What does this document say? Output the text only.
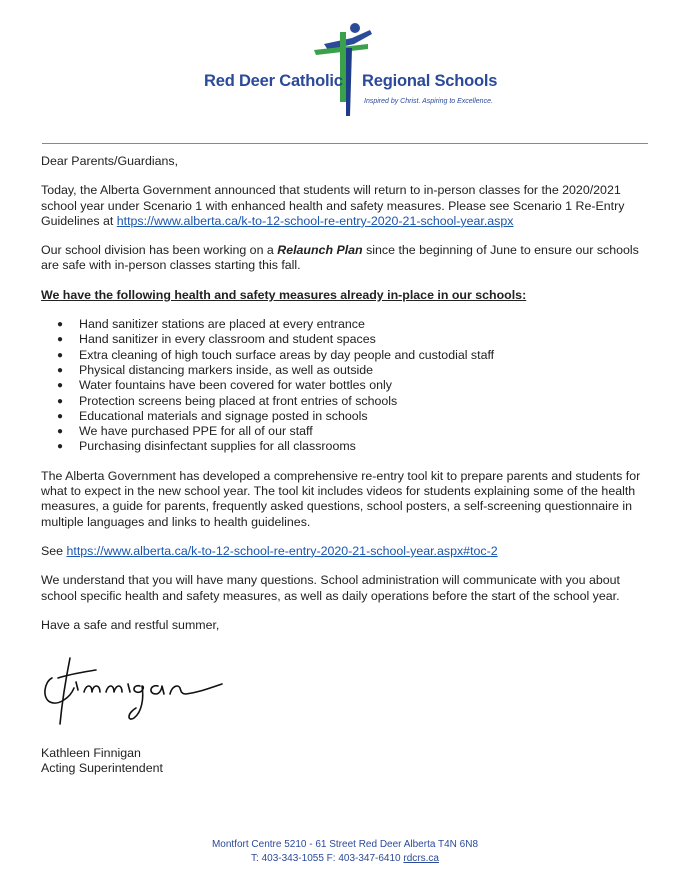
Red Deer Catholic Regional Schools
Inspired by Christ. Aspiring to Excellence.

Dear Parents/Guardians,

Today, the Alberta Government announced that students will return to in-person classes for the 2020/2021 school year under Scenario 1 with enhanced health and safety measures. Please see Scenario 1 Re-Entry Guidelines at https://www.alberta.ca/k-to-12-school-re-entry-2020-21-school-year.aspx

Our school division has been working on a Relaunch Plan since the beginning of June to ensure our schools are safe with in-person classes starting this fall.

We have the following health and safety measures already in-place in our schools:

● Hand sanitizer stations are placed at every entrance
● Hand sanitizer in every classroom and student spaces
● Extra cleaning of high touch surface areas by day people and custodial staff
● Physical distancing markers inside, as well as outside
● Water fountains have been covered for water bottles only
● Protection screens being placed at front entries of schools
● Educational materials and signage posted in schools
● We have purchased PPE for all of our staff
● Purchasing disinfectant supplies for all classrooms

The Alberta Government has developed a comprehensive re-entry tool kit to prepare parents and students for what to expect in the new school year. The tool kit includes videos for students explaining some of the health measures, a guide for parents, frequently asked questions, school posters, a self-screening questionnaire in multiple languages and links to health guidelines.

See https://www.alberta.ca/k-to-12-school-re-entry-2020-21-school-year.aspx#toc-2

We understand that you will have many questions. School administration will communicate with you about school specific health and safety measures, as well as daily operations before the start of the school year.

Have a safe and restful summer,

Kathleen Finnigan
Acting Superintendent
Montfort Centre 5210 - 61 Street Red Deer Alberta T4N 6N8
T: 403-343-1055 F: 403-347-6410 rdcrs.ca
